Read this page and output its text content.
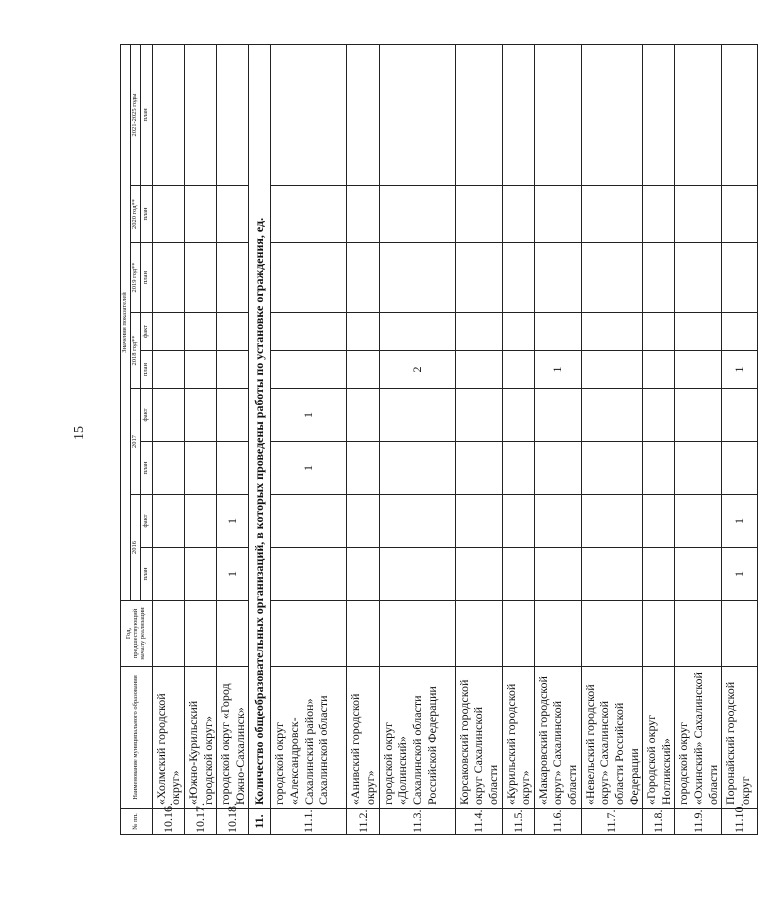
15
№ пп.	Наименование муниципального образования	Год, предшествующий началу реализации	Значения показателей								
			2016		2017		2018 год**		2019 год**	2020 год**	2021-2025 годы
			план	факт	план	факт	план	факт	план	план	план
10.16.	«Холмский городской округ»										
10.17.	«Южно-Курильский городской округ»										
10.18.	городской округ «Город Южно-Сахалинск»		1	1							
11.	Количество общеобразовательных организаций, в которых проведены работы по установке ограждения, ед.										
11.1.	городской округ «Александровск-Сахалинский район» Сахалинской области				1	1					
11.2.	«Анивский городской округ»										
11.3.	городской округ «Долинский» Сахалинской области Российской Федерации						2				
11.4.	Корсаковский городской округ Сахалинской области										
11.5.	«Курильский городской округ»										
11.6.	«Макаровский городской округ» Сахалинской области						1				
11.7.	«Невельский городской округ» Сахалинской области Российской Федерации										
11.8.	«Городской округ Ногликский»										
11.9.	городской округ «Охинский» Сахалинской области										
11.10.	Поронайский городской округ		1	1			1				
